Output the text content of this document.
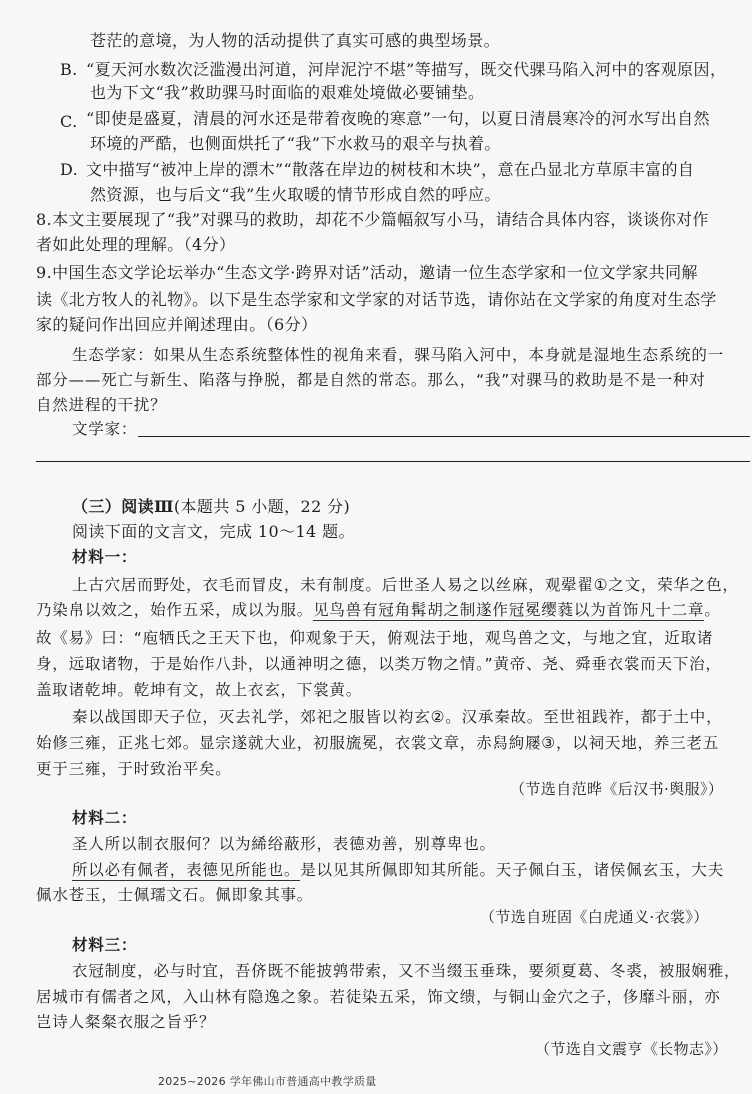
苍茫的意境，为人物的活动提供了真实可感的典型场景。
B. “夏天河水数次泛滥漫出河道，河岸泥泞不堪”等描写，既交代骒马陷入河中的客观原因，
也为下文“我”救助骒马时面临的艰难处境做必要铺垫。
C. “即使是盛夏，清晨的河水还是带着夜晚的寒意”一句，以夏日清晨寒冷的河水写出自然
环境的严酷，也侧面烘托了“我”下水救马的艰辛与执着。
D. 文中描写“被冲上岸的漂木”“散落在岸边的树枝和木块”，意在凸显北方草原丰富的自
然资源，也与后文“我”生火取暖的情节形成自然的呼应。
8.本文主要展现了“我”对骒马的救助，却花不少篇幅叙写小马，请结合具体内容，谈谈你对作
者如此处理的理解。（4分）
9.中国生态文学论坛举办“生态文学·跨界对话”活动，邀请一位生态学家和一位文学家共同解
读《北方牧人的礼物》。以下是生态学家和文学家的对话节选，请你站在文学家的角度对生态学
家的疑问作出回应并阐述理由。（6分）
生态学家：如果从生态系统整体性的视角来看，骒马陷入河中，本身就是湿地生态系统的一
部分——死亡与新生、陷落与挣脱，都是自然的常态。那么，“我”对骒马的救助是不是一种对
自然进程的干扰？
文学家：
（三）阅读Ⅲ(本题共 5 小题，22 分)
阅读下面的文言文，完成 10～14 题。
材料一：
上古穴居而野处，衣毛而冒皮，未有制度。后世圣人易之以丝麻，观翚翟①之文，荣华之色，
乃染帛以效之，始作五采，成以为服。见鸟兽有冠角髯胡之制遂作冠冕缨蕤以为首饰凡十二章。
故《易》曰：“庖牺氏之王天下也，仰观象于天，俯观法于地，观鸟兽之文，与地之宜，近取诸
身，远取诸物，于是始作八卦，以通神明之德，以类万物之情。”黄帝、尧、舜垂衣裳而天下治，
盖取诸乾坤。乾坤有文，故上衣玄，下裳黄。
秦以战国即天子位，灭去礼学，郊祀之服皆以袀玄②。汉承秦故。至世祖践祚，都于土中，
始修三雍，正兆七郊。显宗遂就大业，初服旒冕，衣裳文章，赤舄絇屦③，以祠天地，养三老五
更于三雍，于时致治平矣。
（节选自范晔《后汉书·舆服》）
材料二：
圣人所以制衣服何？以为絺绤蔽形，表德劝善，别尊卑也。
所以必有佩者，表德见所能也。是以见其所佩即知其所能。天子佩白玉，诸侯佩玄玉，大夫
佩水苍玉，士佩瓀文石。佩即象其事。
（节选自班固《白虎通义·衣裳》）
材料三：
衣冠制度，必与时宜，吾侪既不能披鹑带索，又不当缀玉垂珠，要须夏葛、冬裘，被服娴雅，
居城市有儒者之风，入山林有隐逸之象。若徒染五采，饰文缋，与铜山金穴之子，侈靡斗丽，亦
岂诗人粲粲衣服之旨乎？
（节选自文震亨《长物志》）
2025~2026 学年佛山市普通高中教学质量
